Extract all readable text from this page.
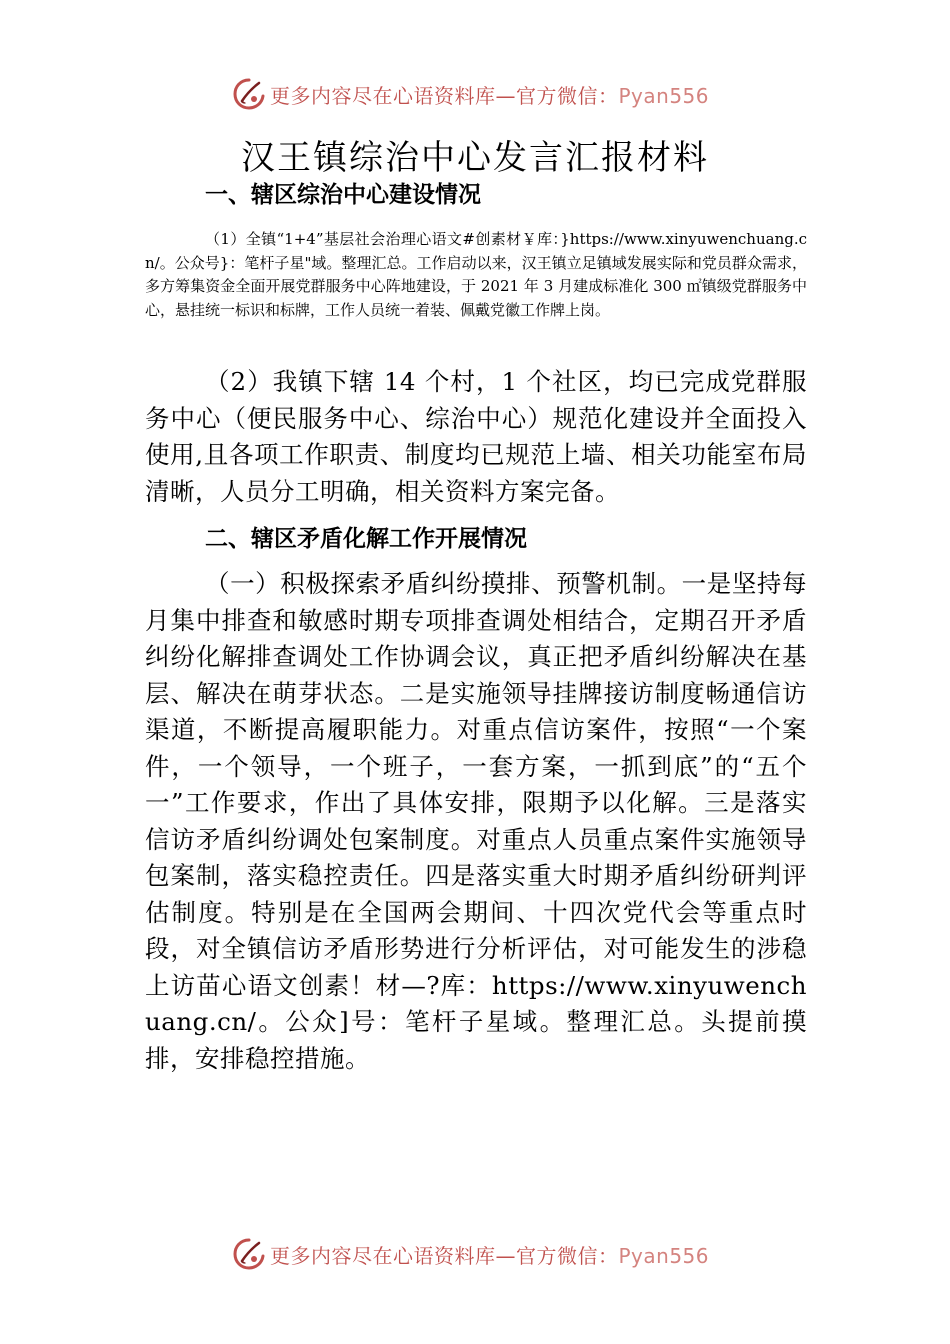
更多内容尽在心语资料库—官方微信：Pyan556
汉王镇综治中心发言汇报材料
一、辖区综治中心建设情况

（1）全镇“1+4”基层社会治理心语文#创素材￥库：}https://www.xinyuwenchuang.cn/。公众号}：笔杆子星"域。整理汇总。工作启动以来，汉王镇立足镇域发展实际和党员群众需求，多方筹集资金全面开展党群服务中心阵地建设，于 2021 年 3 月建成标准化 300 ㎡镇级党群服务中心，悬挂统一标识和标牌，工作人员统一着装、佩戴党徽工作牌上岗。

（2）我镇下辖 14 个村，1 个社区，均已完成党群服务中心（便民服务中心、综治中心）规范化建设并全面投入使用,且各项工作职责、制度均已规范上墙、相关功能室布局清晰，人员分工明确，相关资料方案完备。

二、辖区矛盾化解工作开展情况

（一）积极探索矛盾纠纷摸排、预警机制。一是坚持每月集中排查和敏感时期专项排查调处相结合，定期召开矛盾纠纷化解排查调处工作协调会议，真正把矛盾纠纷解决在基层、解决在萌芽状态。二是实施领导挂牌接访制度畅通信访渠道，不断提高履职能力。对重点信访案件，按照“一个案件，一个领导，一个班子，一套方案，一抓到底”的“五个一”工作要求，作出了具体安排，限期予以化解。三是落实信访矛盾纠纷调处包案制度。对重点人员重点案件实施领导包案制，落实稳控责任。四是落实重大时期矛盾纠纷研判评估制度。特别是在全国两会期间、十四次党代会等重点时段，对全镇信访矛盾形势进行分析评估，对可能发生的涉稳上访苗心语文创素！材—?库：https://www.xinyuwenchuang.cn/。公众]号：笔杆子星域。整理汇总。头提前摸排，安排稳控措施。

更多内容尽在心语资料库—官方微信：Pyan556
